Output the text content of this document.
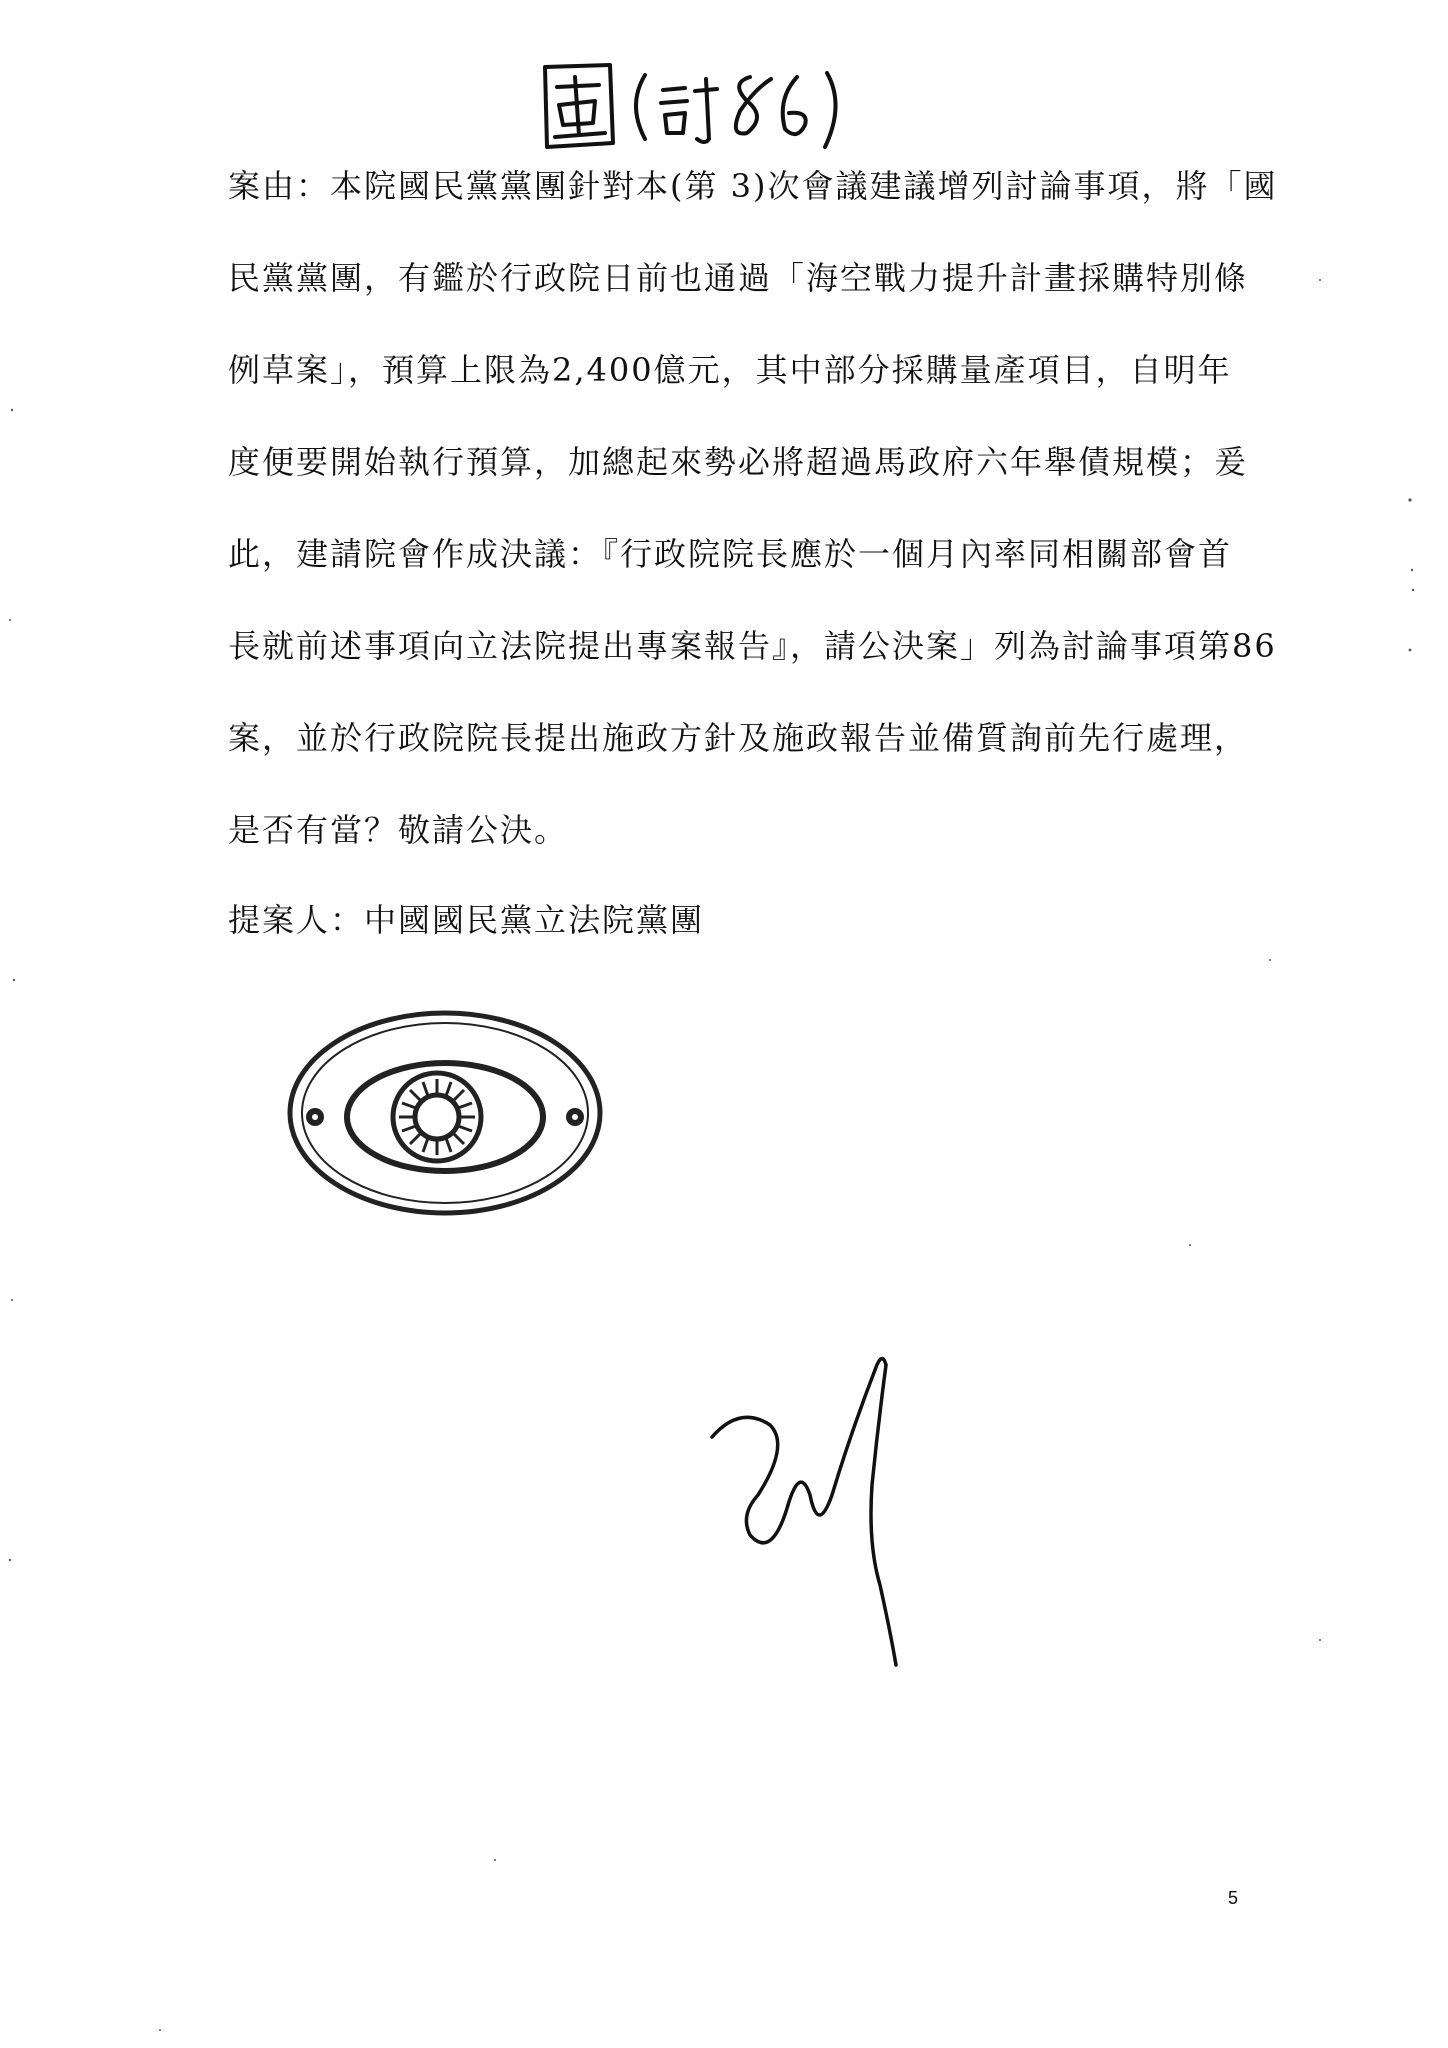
案由：本院國民黨黨團針對本(第 3)次會議建議增列討論事項，將「國
民黨黨團，有鑑於行政院日前也通過「海空戰力提升計畫採購特別條
例草案」，預算上限為2,400億元，其中部分採購量產項目，自明年
度便要開始執行預算，加總起來勢必將超過馬政府六年舉債規模；爰
此，建請院會作成決議：『行政院院長應於一個月內率同相關部會首
長就前述事項向立法院提出專案報告』，請公決案」列為討論事項第86
案，並於行政院院長提出施政方針及施政報告並備質詢前先行處理，
是否有當？敬請公決。
提案人：中國國民黨立法院黨團
5
